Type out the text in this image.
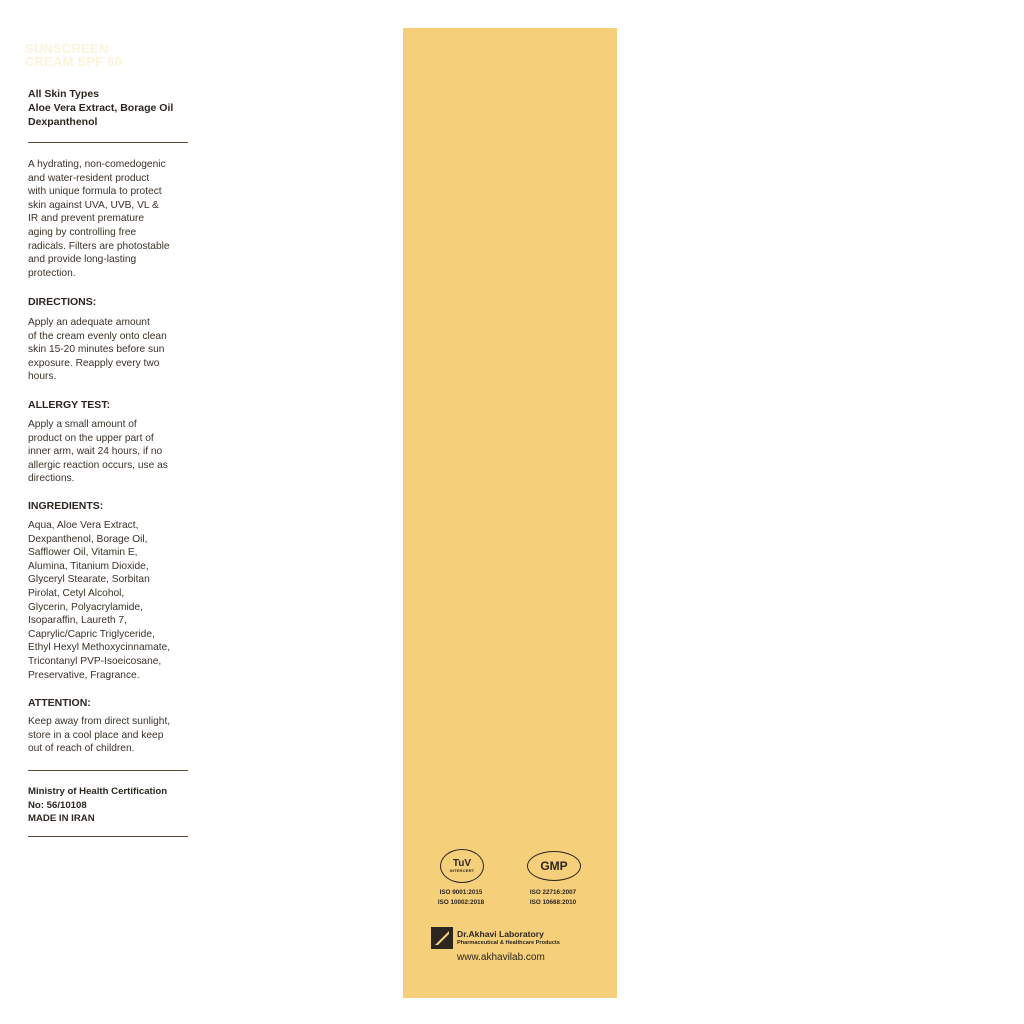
SUNSCREEN
CREAM SPF 60
All Skin Types
Aloe Vera Extract, Borage Oil
Dexpanthenol
A hydrating, non-comedogenic
and water-resident product
with unique formula to protect
skin against UVA, UVB, VL &
IR and prevent premature
aging by controlling free
radicals. Filters are photostable
and provide long-lasting
protection.
DIRECTIONS:
Apply an adequate amount
of the cream evenly onto clean
skin 15-20 minutes before sun
exposure. Reapply every two
hours.
ALLERGY TEST:
Apply a small amount of
product on the upper part of
inner arm, wait 24 hours, if no
allergic reaction occurs, use as
directions.
INGREDIENTS:
Aqua, Aloe Vera Extract,
Dexpanthenol, Borage Oil,
Safflower Oil, Vitamin E,
Alumina, Titanium Dioxide,
Glyceryl Stearate, Sorbitan
Pirolat, Cetyl Alcohol,
Glycerin, Polyacrylamide,
Isoparaffin, Laureth 7,
Caprylic/Capric Triglyceride,
Ethyl Hexyl Methoxycinnamate,
Tricontanyl PVP-Isoeicosane,
Preservative, Fragrance.
ATTENTION:
Keep away from direct sunlight,
store in a cool place and keep
out of reach of children.
Ministry of Health Certification
No: 56/10108
MADE IN IRAN
TuV
INTERCERT
ISO 9001:2015
ISO 10002:2018
GMP
ISO 22716:2007
ISO 10668:2010
Dr.Akhavi Laboratory
Pharmaceutical & Healthcare Products
www.akhavilab.com
